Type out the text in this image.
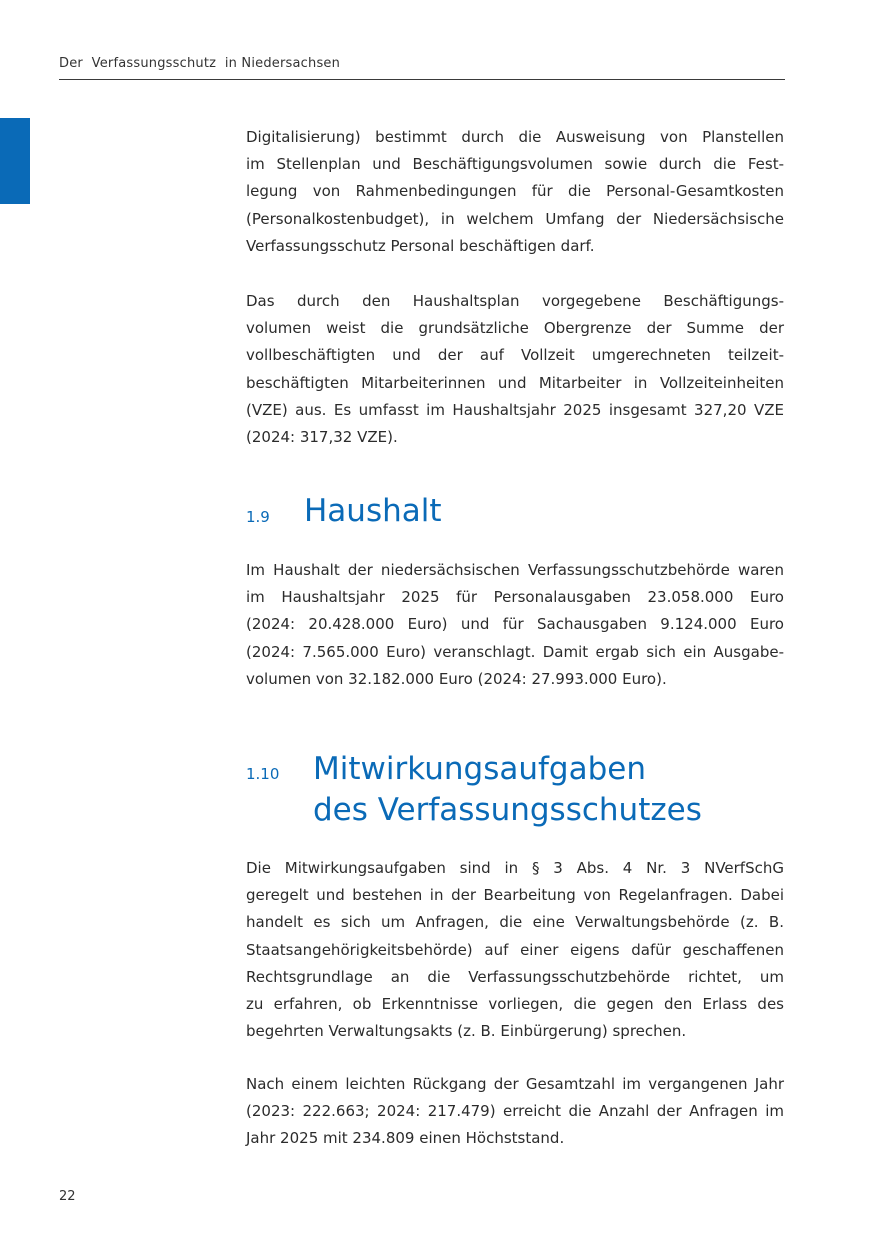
Der  Verfassungsschutz  in Niedersachsen
Digitalisierung) bestimmt durch die Ausweisung von Planstellen
im Stellenplan und Beschäftigungsvolumen sowie durch die Fest-
legung von Rahmenbedingungen für die Personal-Gesamtkosten
(Personalkostenbudget), in welchem Umfang der Niedersächsische
Verfassungsschutz Personal beschäftigen darf.
Das durch den Haushaltsplan vorgegebene Beschäftigungs-
volumen weist die grundsätzliche Obergrenze der Summe der
vollbeschäftigten und der auf Vollzeit umgerechneten teilzeit-
beschäftigten Mitarbeiterinnen und Mitarbeiter in Vollzeiteinheiten
(VZE) aus. Es umfasst im Haushaltsjahr 2025 insgesamt 327,20 VZE
(2024: 317,32 VZE).
1.9 Haushalt
Im Haushalt der niedersächsischen Verfassungsschutzbehörde waren
im Haushaltsjahr 2025 für Personalausgaben 23.058.000 Euro
(2024: 20.428.000 Euro) und für Sachausgaben 9.124.000 Euro
(2024: 7.565.000 Euro) veranschlagt. Damit ergab sich ein Ausgabe-
volumen von 32.182.000 Euro (2024: 27.993.000 Euro).
1.10 Mitwirkungsaufgaben
des Verfassungsschutzes
Die Mitwirkungsaufgaben sind in § 3 Abs. 4 Nr. 3 NVerfSchG
geregelt und bestehen in der Bearbeitung von Regelanfragen. Dabei
handelt es sich um Anfragen, die eine Verwaltungsbehörde (z. B.
Staatsangehörigkeitsbehörde) auf einer eigens dafür geschaffenen
Rechtsgrundlage an die Verfassungsschutzbehörde richtet, um
zu erfahren, ob Erkenntnisse vorliegen, die gegen den Erlass des
begehrten Verwaltungsakts (z. B. Einbürgerung) sprechen.
Nach einem leichten Rückgang der Gesamtzahl im vergangenen Jahr
(2023: 222.663; 2024: 217.479) erreicht die Anzahl der Anfragen im
Jahr 2025 mit 234.809 einen Höchststand.
22
